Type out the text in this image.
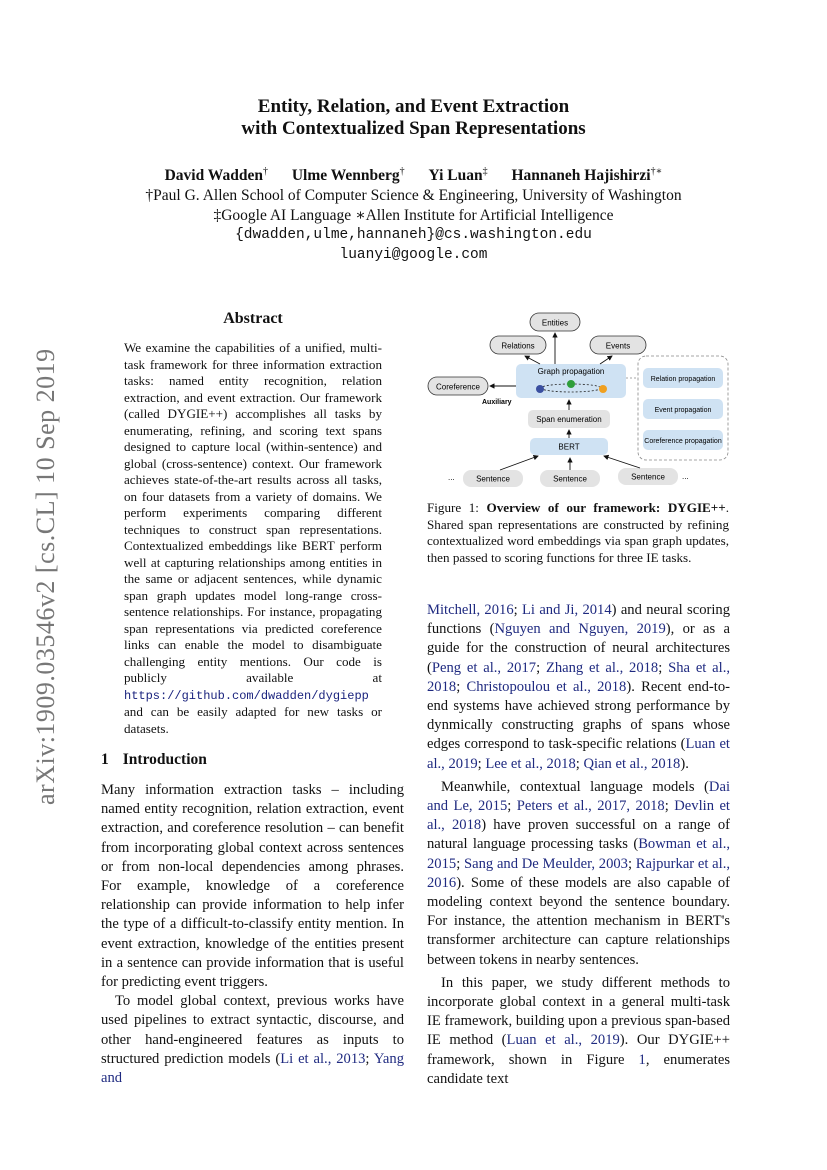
arXiv:1909.03546v2 [cs.CL] 10 Sep 2019
Entity, Relation, and Event Extraction
with Contextualized Span Representations
David Wadden† Ulme Wennberg† Yi Luan‡ Hannaneh Hajishirzi†∗
†Paul G. Allen School of Computer Science & Engineering, University of Washington
‡Google AI Language ∗Allen Institute for Artificial Intelligence
{dwadden,ulme,hannaneh}@cs.washington.edu
luanyi@google.com
Abstract
We examine the capabilities of a unified, multi-task framework for three information extraction tasks: named entity recognition, relation extraction, and event extraction. Our framework (called DYGIE++) accomplishes all tasks by enumerating, refining, and scoring text spans designed to capture local (within-sentence) and global (cross-sentence) context. Our framework achieves state-of-the-art results across all tasks, on four datasets from a variety of domains. We perform experiments comparing different techniques to construct span representations. Contextualized embeddings like BERT perform well at capturing relationships among entities in the same or adjacent sentences, while dynamic span graph updates model long-range cross-sentence relationships. For instance, propagating span representations via predicted coreference links can enable the model to disambiguate challenging entity mentions. Our code is publicly available at https://github.com/dwadden/dygiepp and can be easily adapted for new tasks or datasets.
1 Introduction

Many information extraction tasks – including named entity recognition, relation extraction, event extraction, and coreference resolution – can benefit from incorporating global context across sentences or from non-local dependencies among phrases. For example, knowledge of a coreference relationship can provide information to help infer the type of a difficult-to-classify entity mention. In event extraction, knowledge of the entities present in a sentence can provide information that is useful for predicting event triggers.

To model global context, previous works have used pipelines to extract syntactic, discourse, and other hand-engineered features as inputs to structured prediction models (Li et al., 2013; Yang and

Entities
Relations	Events
Graph propagation
Coreference
Auxiliary
Span enumeration
BERT
...	Sentence	Sentence	Sentence ...
Relation propagation
Event propagation
Coreference propagation
Figure 1: Overview of our framework: DYGIE++. Shared span representations are constructed by refining contextualized word embeddings via span graph updates, then passed to scoring functions for three IE tasks.

Mitchell, 2016; Li and Ji, 2014) and neural scoring functions (Nguyen and Nguyen, 2019), or as a guide for the construction of neural architectures (Peng et al., 2017; Zhang et al., 2018; Sha et al., 2018; Christopoulou et al., 2018). Recent end-to-end systems have achieved strong performance by dynmically constructing graphs of spans whose edges correspond to task-specific relations (Luan et al., 2019; Lee et al., 2018; Qian et al., 2018).

Meanwhile, contextual language models (Dai and Le, 2015; Peters et al., 2017, 2018; Devlin et al., 2018) have proven successful on a range of natural language processing tasks (Bowman et al., 2015; Sang and De Meulder, 2003; Rajpurkar et al., 2016). Some of these models are also capable of modeling context beyond the sentence boundary. For instance, the attention mechanism in BERT's transformer architecture can capture relationships between tokens in nearby sentences.

In this paper, we study different methods to incorporate global context in a general multi-task IE framework, building upon a previous span-based IE method (Luan et al., 2019). Our DYGIE++ framework, shown in Figure 1, enumerates candidate text
